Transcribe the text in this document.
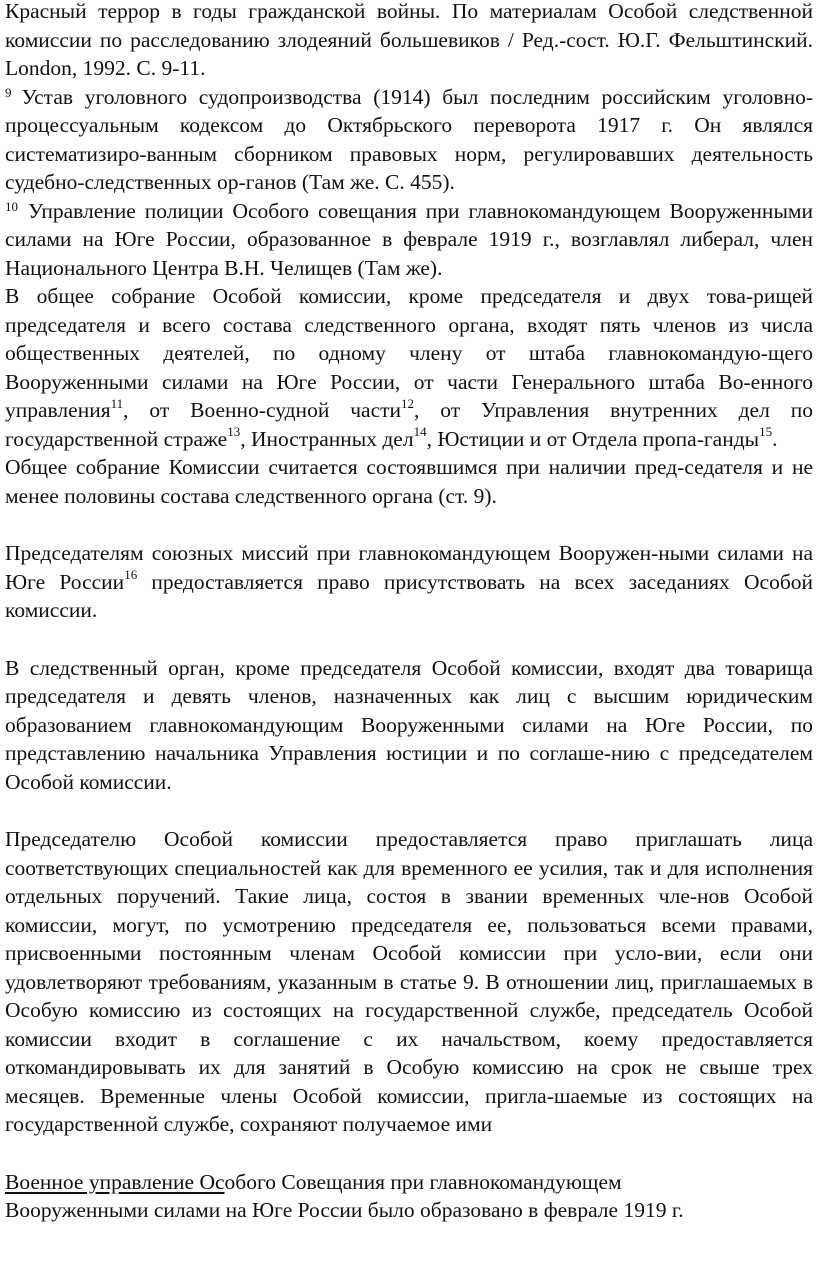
Красный террор в годы гражданской войны. По материалам Особой следственной комиссии по расследованию злодеяний большевиков / Ред.-сост. Ю.Г. Фельштинский. London, 1992. С. 9-11.

$^9$ Устав уголовного судопроизводства (1914) был последним российским уголовно-процессуальным кодексом до Октябрьского переворота 1917 г. Он являлся систематизиро-ванным сборником правовых норм, регулировавших деятельность судебно-следственных ор-ганов (Там же. С. 455).

$^{10}$ Управление полиции Особого совещания при главнокомандующем Вооруженными силами на Юге России, образованное в феврале 1919 г., возглавлял либерал, член Национального Центра В.Н. Челищев (Там же).

В общее собрание Особой комиссии, кроме председателя и двух това-рищей председателя и всего состава следственного органа, входят пять членов из числа общественных деятелей, по одному члену от штаба главнокомандую-щего Вооруженными силами на Юге России, от части Генерального штаба Во-енного управления$^{11}$, от Военно-судной части$^{12}$, от Управления внутренних дел по государственной страже$^{13}$, Иностранных дел$^{14}$, Юстиции и от Отдела пропа-ганды$^{15}$.

Общее собрание Комиссии считается состоявшимся при наличии пред-седателя и не менее половины состава следственного органа (ст. 9).

Председателям союзных миссий при главнокомандующем Вооружен-ными силами на Юге России$^{16}$ предоставляется право присутствовать на всех заседаниях Особой комиссии.

В следственный орган, кроме председателя Особой комиссии, входят два товарища председателя и девять членов, назначенных как лиц с высшим юридическим образованием главнокомандующим Вооруженными силами на Юге России, по представлению начальника Управления юстиции и по соглаше-нию с председателем Особой комиссии.

Председателю Особой комиссии предоставляется право приглашать лица соответствующих специальностей как для временного ее усилия, так и для исполнения отдельных поручений. Такие лица, состоя в звании временных чле-нов Особой комиссии, могут, по усмотрению председателя ее, пользоваться всеми правами, присвоенными постоянным членам Особой комиссии при усло-вии, если они удовлетворяют требованиям, указанным в статье 9. В отношении лиц, приглашаемых в Особую комиссию из состоящих на государственной службе, председатель Особой комиссии входит в соглашение с их начальством, коему предоставляется откомандировывать их для занятий в Особую комиссию на срок не свыше трех месяцев. Временные члены Особой комиссии, пригла-шаемые из состоящих на государственной службе, сохраняют получаемое ими

Военное управление Особого Совещания при главнокомандующем
Вооруженными силами на Юге России было образовано в феврале 1919 г.
